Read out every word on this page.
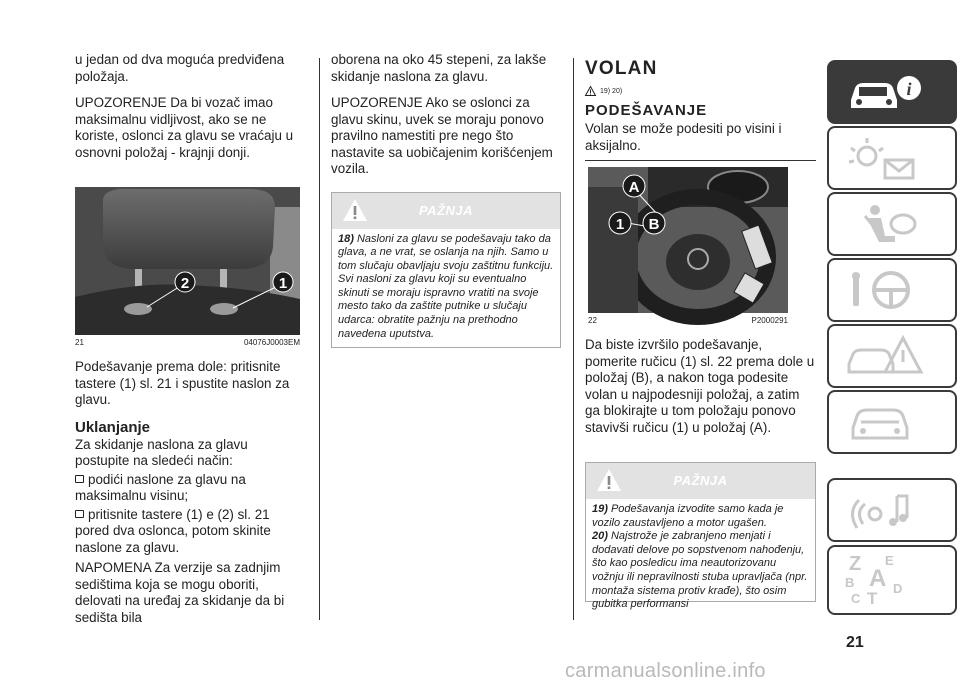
u jedan od dva moguća predviđena položaja.

UPOZORENJE Da bi vozač imao maksimalnu vidljivost, ako se ne koriste, oslonci za glavu se vraćaju u osnovni položaj - krajnji donji.

2	1
21	04076J0003EM

Podešavanje prema dole: pritisnite tastere (1) sl. 21 i spustite naslon za glavu.

Uklanjanje

Za skidanje naslona za glavu postupite na sledeći način:

podići naslone za glavu na maksimalnu visinu;

pritisnite tastere (1) e (2) sl. 21 pored dva oslonca, potom skinite naslone za glavu.

NAPOMENA Za verzije sa zadnjim sedištima koja se mogu oboriti, delovati na uređaj za skidanje da bi sedišta bila

oborena na oko 45 stepeni, za lakše skidanje naslona za glavu.

UPOZORENJE Ako se oslonci za glavu skinu, uvek se moraju ponovo pravilno namestiti pre nego što nastavite sa uobičajenim korišćenjem vozila.

PAŽNJA
18) Nasloni za glavu se podešavaju tako da glava, a ne vrat, se oslanja na njih. Samo u tom slučaju obavljaju svoju zaštitnu funkciju. Svi nasloni za glavu koji su eventualno skinuti se moraju ispravno vratiti na svoje mesto tako da zaštite putnike u slučaju udarca: obratite pažnju na prethodno navedena uputstva.
VOLAN
19) 20)
PODEŠAVANJE

Volan se može podesiti po visini i aksijalno.

A
1 B
22	P2000291

Da biste izvršilo podešavanje, pomerite ručicu (1) sl. 22 prema dole u položaj (B), a nakon toga podesite volan u najpodesniji položaj, a zatim ga blokirajte u tom položaju ponovo stavivši ručicu (1) u položaj (A).

PAŽNJA
19) Podešavanja izvodite samo kada je vozilo zaustavljeno a motor ugašen.
20) Najstrože je zabranjeno menjati i dodavati delove po sopstvenom nahođenju, što kao posledicu ima neautorizovanu vožnju ili nepravilnosti stuba upravljača (npr. montaža sistema protiv krađe), što osim gubitka performansi
i
Z E
B A
C T
D
21
carmanualsonline.info
